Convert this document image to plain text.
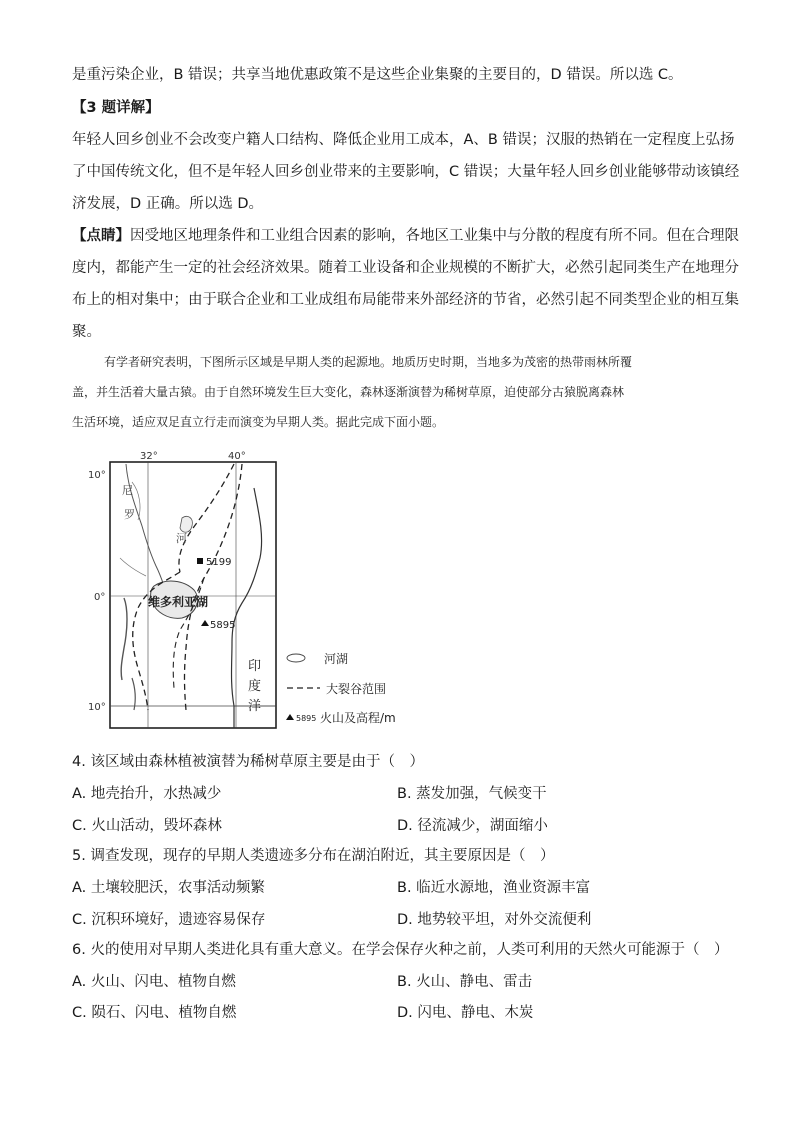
是重污染企业，B 错误；共享当地优惠政策不是这些企业集聚的主要目的，D 错误。所以选 C。
【3 题详解】
年轻人回乡创业不会改变户籍人口结构、降低企业用工成本，A、B 错误；汉服的热销在一定程度上弘扬
了中国传统文化，但不是年轻人回乡创业带来的主要影响，C 错误；大量年轻人回乡创业能够带动该镇经
济发展，D 正确。所以选 D。
【点睛】因受地区地理条件和工业组合因素的影响，各地区工业集中与分散的程度有所不同。但在合理限
度内，都能产生一定的社会经济效果。随着工业设备和企业规模的不断扩大，必然引起同类生产在地理分
布上的相对集中；由于联合企业和工业成组布局能带来外部经济的节省，必然引起不同类型企业的相互集
聚。
有学者研究表明，下图所示区域是早期人类的起源地。地质历史时期，当地多为茂密的热带雨林所覆
盖，并生活着大量古猿。由于自然环境发生巨大变化，森林逐渐演替为稀树草原，迫使部分古猿脱离森林
生活环境，适应双足直立行走而演变为早期人类。据此完成下面小题。
5199
5895
32°	40°
10°
0°
10°
尼
罗
河
维多利亚湖
印
度
洋
河湖
大裂谷范围
5895 火山及高程/m
4. 该区域由森林植被演替为稀树草原主要是由于（　）
A. 地壳抬升，水热减少	B. 蒸发加强，气候变干
C. 火山活动，毁坏森林	D. 径流减少，湖面缩小
5. 调查发现，现存的早期人类遗迹多分布在湖泊附近，其主要原因是（　）
A. 土壤较肥沃，农事活动频繁	B. 临近水源地，渔业资源丰富
C. 沉积环境好，遗迹容易保存	D. 地势较平坦，对外交流便利
6. 火的使用对早期人类进化具有重大意义。在学会保存火种之前，人类可利用的天然火可能源于（　）
A. 火山、闪电、植物自燃	B. 火山、静电、雷击
C. 陨石、闪电、植物自燃	D. 闪电、静电、木炭
